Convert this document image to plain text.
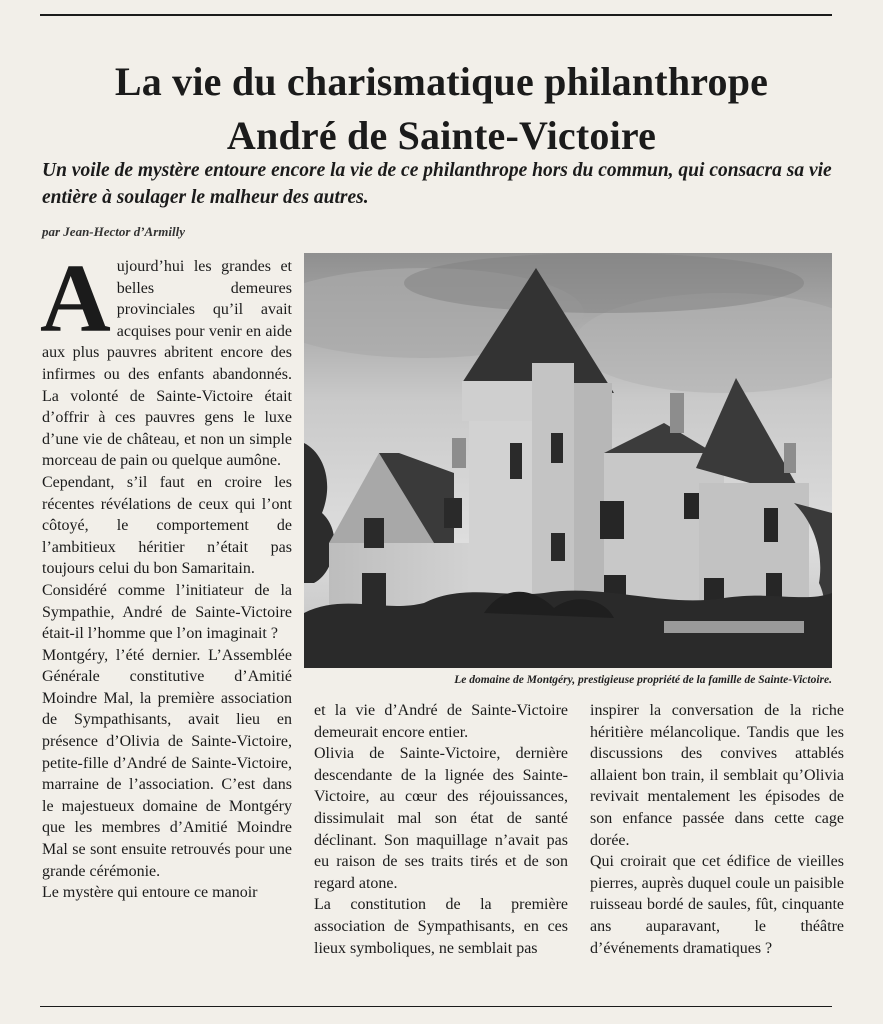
La vie du charismatique philanthrope
André de Sainte-Victoire

Un voile de mystère entoure encore la vie de ce philanthrope hors du commun, qui consacra sa vie entière à soulager le malheur des autres.

par Jean-Hector d’Armilly

Aujourd’hui les grandes et belles demeures provinciales qu’il avait acquises pour venir en aide aux plus pauvres abritent encore des infirmes ou des enfants abandonnés. La volonté de Sainte-Victoire était d’offrir à ces pauvres gens le luxe d’une vie de château, et non un simple morceau de pain ou quelque aumône.

Cependant, s’il faut en croire les récentes révélations de ceux qui l’ont côtoyé, le comportement de l’ambitieux héritier n’était pas toujours celui du bon Samaritain.

Considéré comme l’initiateur de la Sympathie, André de Sainte-Victoire était-il l’homme que l’on imaginait ?

Montgéry, l’été dernier. L’Assemblée Générale constitutive d’Amitié Moindre Mal, la première association de Sympathisants, avait lieu en présence d’Olivia de Sainte-Victoire, petite-fille d’André de Sainte-Victoire, marraine de l’association. C’est dans le majestueux domaine de Montgéry que les membres d’Amitié Moindre Mal se sont ensuite retrouvés pour une grande cérémonie.

Le mystère qui entoure ce manoir

Le domaine de Montgéry, prestigieuse propriété de la famille de Sainte-Victoire.

et la vie d’André de Sainte-Victoire demeurait encore entier.

Olivia de Sainte-Victoire, dernière descendante de la lignée des Sainte-Victoire, au cœur des réjouissances, dissimulait mal son état de santé déclinant. Son maquillage n’avait pas eu raison de ses traits tirés et de son regard atone.

La constitution de la première association de Sympathisants, en ces lieux symboliques, ne semblait pas

inspirer la conversation de la riche héritière mélancolique. Tandis que les discussions des convives attablés allaient bon train, il semblait qu’Olivia revivait mentalement les épisodes de son enfance passée dans cette cage dorée.

Qui croirait que cet édifice de vieilles pierres, auprès duquel coule un paisible ruisseau bordé de saules, fût, cinquante ans auparavant, le théâtre d’événements dramatiques ?
